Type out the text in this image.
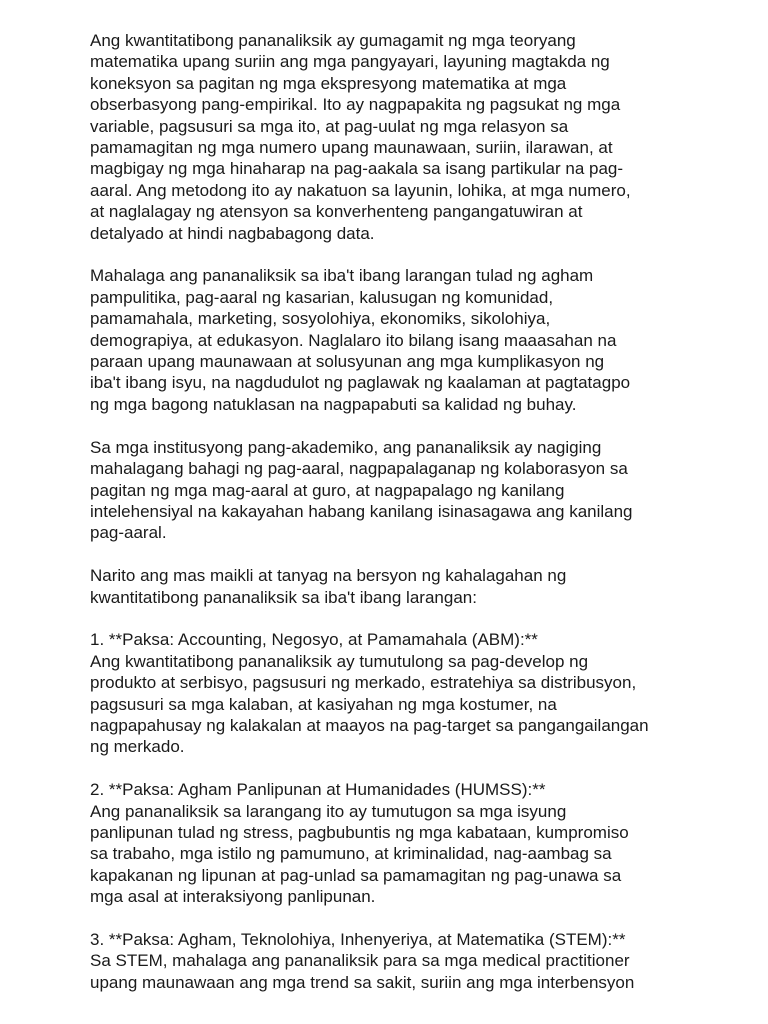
Ang kwantitatibong pananaliksik ay gumagamit ng mga teoryang
matematika upang suriin ang mga pangyayari, layuning magtakda ng
koneksyon sa pagitan ng mga ekspresyong matematika at mga
obserbasyong pang-empirikal. Ito ay nagpapakita ng pagsukat ng mga
variable, pagsusuri sa mga ito, at pag-uulat ng mga relasyon sa
pamamagitan ng mga numero upang maunawaan, suriin, ilarawan, at
magbigay ng mga hinaharap na pag-aakala sa isang partikular na pag-
aaral. Ang metodong ito ay nakatuon sa layunin, lohika, at mga numero,
at naglalagay ng atensyon sa konverhenteng pangangatuwiran at
detalyado at hindi nagbabagong data.
Mahalaga ang pananaliksik sa iba't ibang larangan tulad ng agham
pampulitika, pag-aaral ng kasarian, kalusugan ng komunidad,
pamamahala, marketing, sosyolohiya, ekonomiks, sikolohiya,
demograpiya, at edukasyon. Naglalaro ito bilang isang maaasahan na
paraan upang maunawaan at solusyunan ang mga kumplikasyon ng
iba't ibang isyu, na nagdudulot ng paglawak ng kaalaman at pagtatagpo
ng mga bagong natuklasan na nagpapabuti sa kalidad ng buhay.
Sa mga institusyong pang-akademiko, ang pananaliksik ay nagiging
mahalagang bahagi ng pag-aaral, nagpapalaganap ng kolaborasyon sa
pagitan ng mga mag-aaral at guro, at nagpapalago ng kanilang
intelehensiyal na kakayahan habang kanilang isinasagawa ang kanilang
pag-aaral.
Narito ang mas maikli at tanyag na bersyon ng kahalagahan ng
kwantitatibong pananaliksik sa iba't ibang larangan:
1. **Paksa: Accounting, Negosyo, at Pamamahala (ABM):**
Ang kwantitatibong pananaliksik ay tumutulong sa pag-develop ng
produkto at serbisyo, pagsusuri ng merkado, estratehiya sa distribusyon,
pagsusuri sa mga kalaban, at kasiyahan ng mga kostumer, na
nagpapahusay ng kalakalan at maayos na pag-target sa pangangailangan
ng merkado.
2. **Paksa: Agham Panlipunan at Humanidades (HUMSS):**
Ang pananaliksik sa larangang ito ay tumutugon sa mga isyung
panlipunan tulad ng stress, pagbubuntis ng mga kabataan, kumpromiso
sa trabaho, mga istilo ng pamumuno, at kriminalidad, nag-aambag sa
kapakanan ng lipunan at pag-unlad sa pamamagitan ng pag-unawa sa
mga asal at interaksiyong panlipunan.
3. **Paksa: Agham, Teknolohiya, Inhenyeriya, at Matematika (STEM):**
Sa STEM, mahalaga ang pananaliksik para sa mga medical practitioner
upang maunawaan ang mga trend sa sakit, suriin ang mga interbensyon
